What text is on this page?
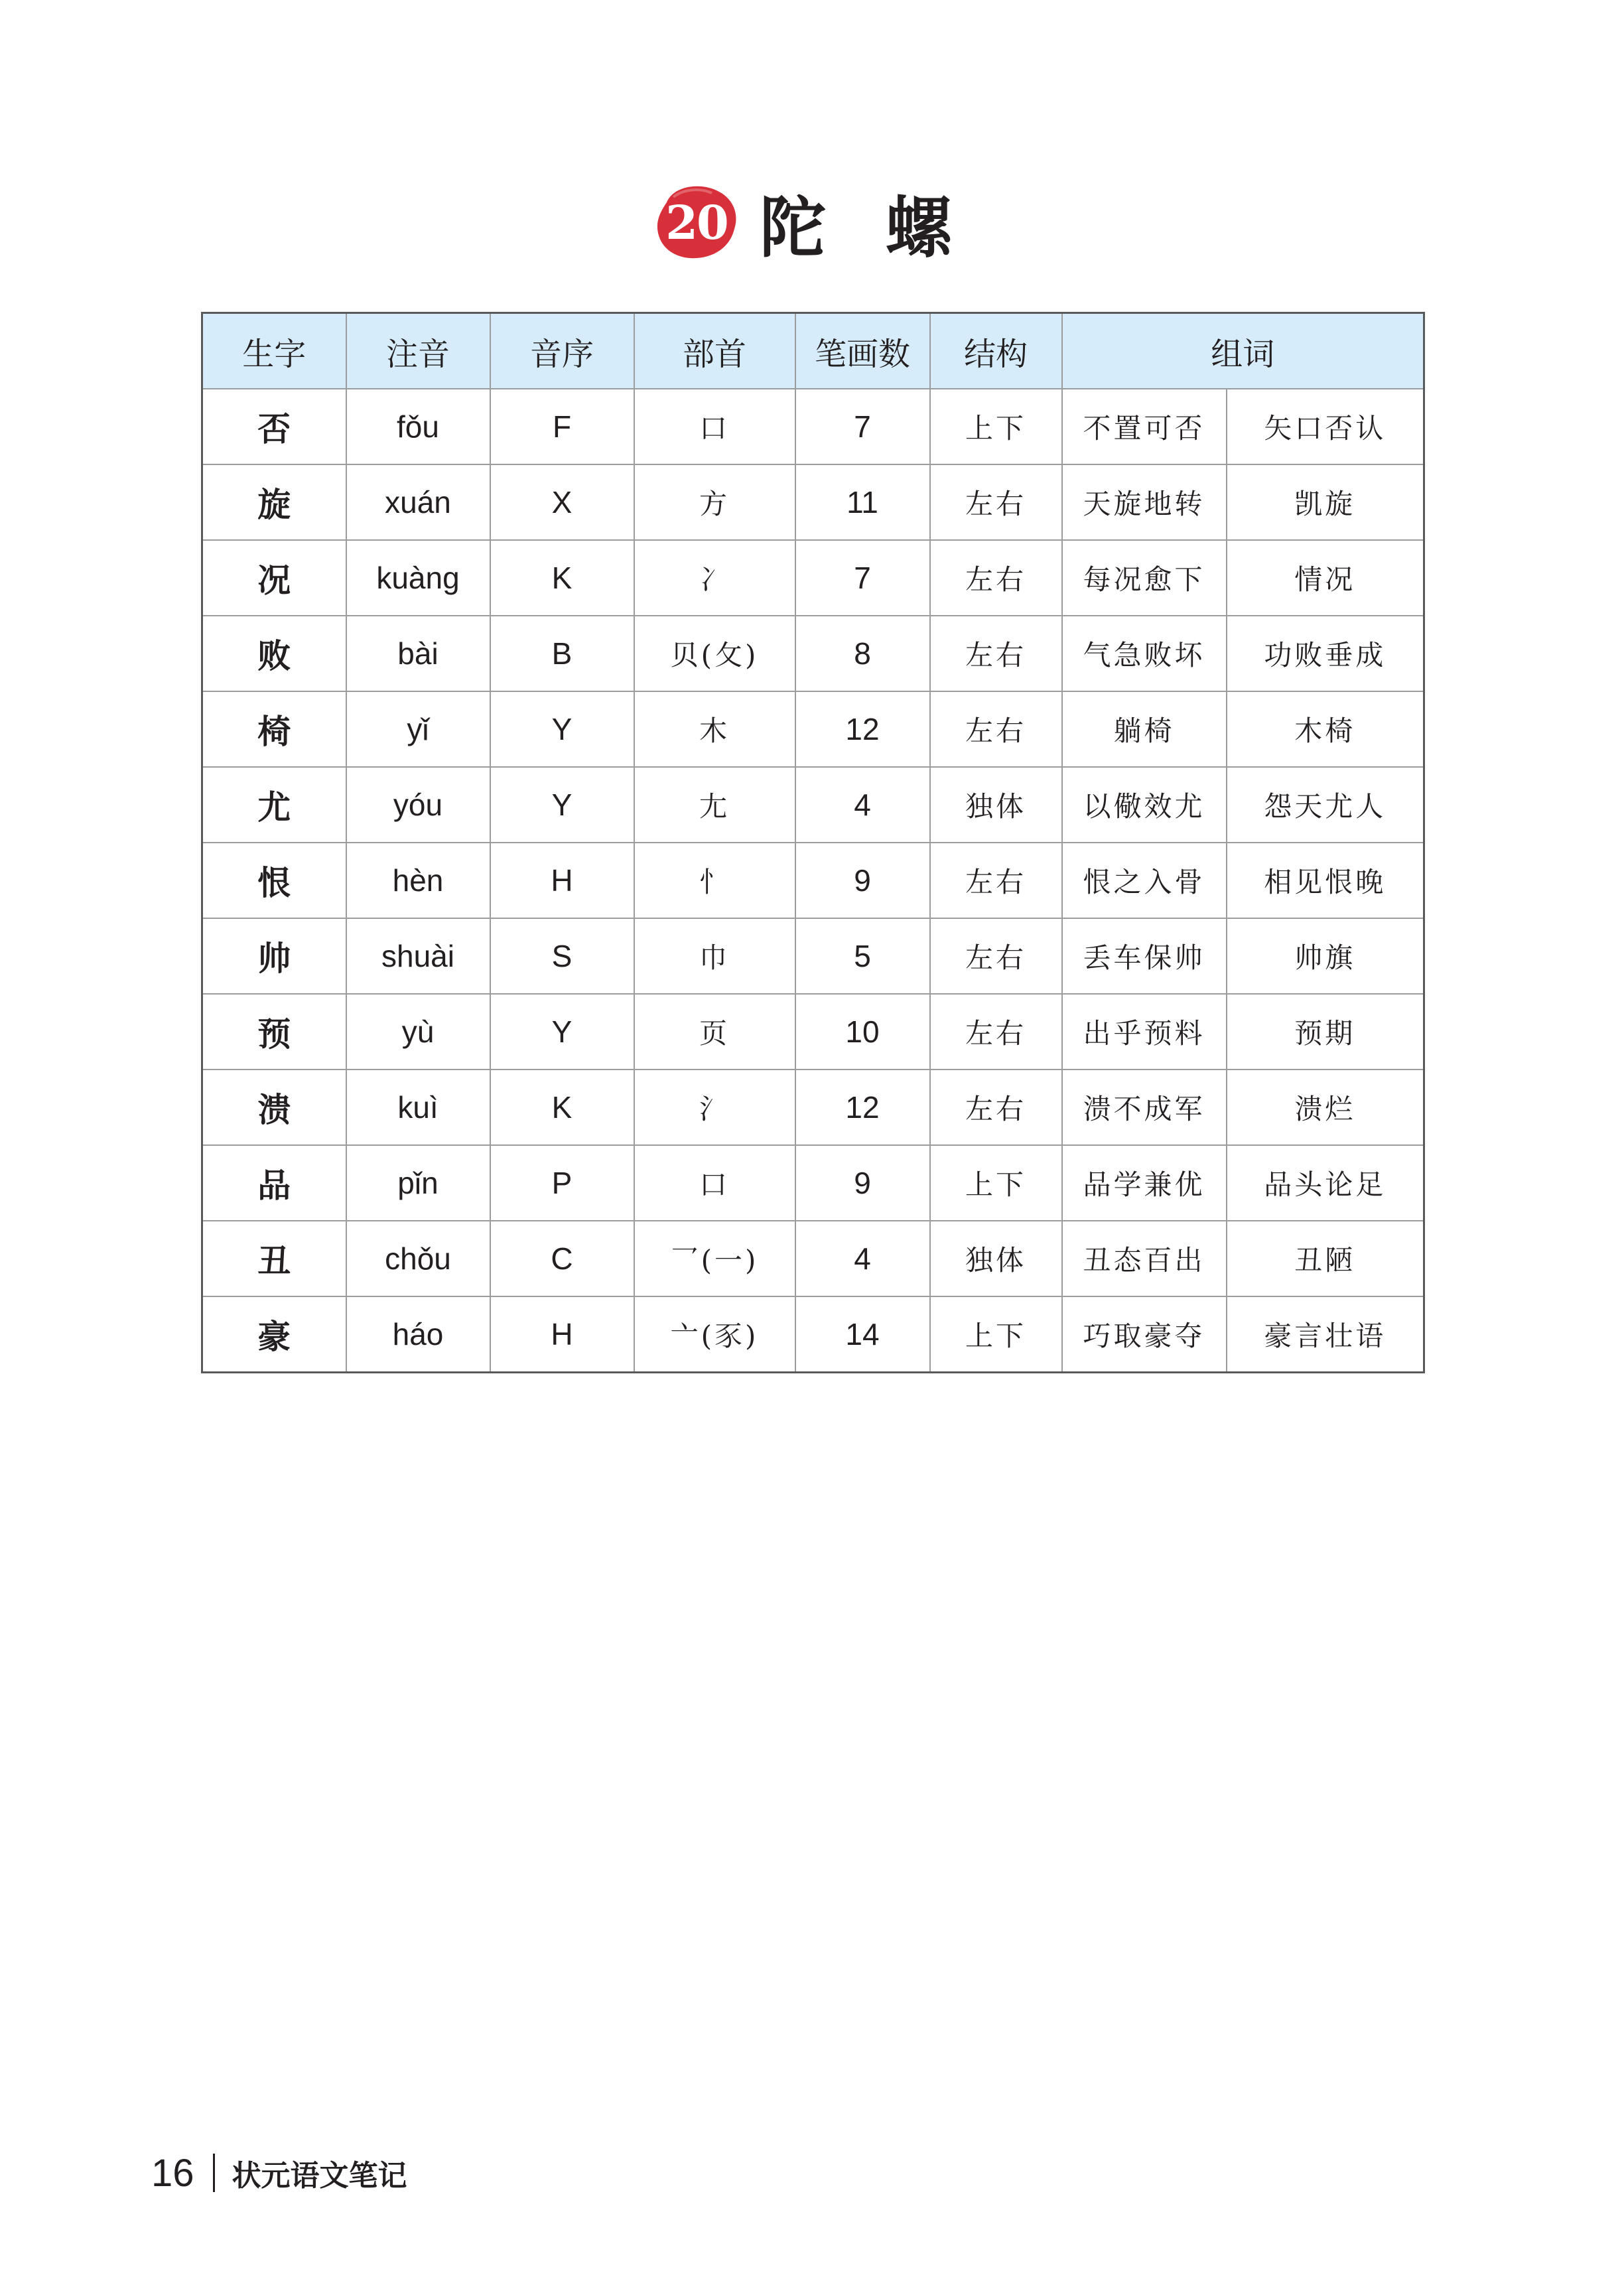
20 陀螺
生字	注音	音序	部首	笔画数	结构	组词	
否	fǒu	F	口	7	上下	不置可否	矢口否认
旋	xuán	X	方	11	左右	天旋地转	凯旋
况	kuàng	K	冫	7	左右	每况愈下	情况
败	bài	B	贝(攵)	8	左右	气急败坏	功败垂成
椅	yǐ	Y	木	12	左右	躺椅	木椅
尤	yóu	Y	尢	4	独体	以儆效尤	怨天尤人
恨	hèn	H	忄	9	左右	恨之入骨	相见恨晚
帅	shuài	S	巾	5	左右	丢车保帅	帅旗
预	yù	Y	页	10	左右	出乎预料	预期
溃	kuì	K	氵	12	左右	溃不成军	溃烂
品	pǐn	P	口	9	上下	品学兼优	品头论足
丑	chǒu	C	乛(一)	4	独体	丑态百出	丑陋
豪	háo	H	亠(豕)	14	上下	巧取豪夺	豪言壮语
16 状元语文笔记
